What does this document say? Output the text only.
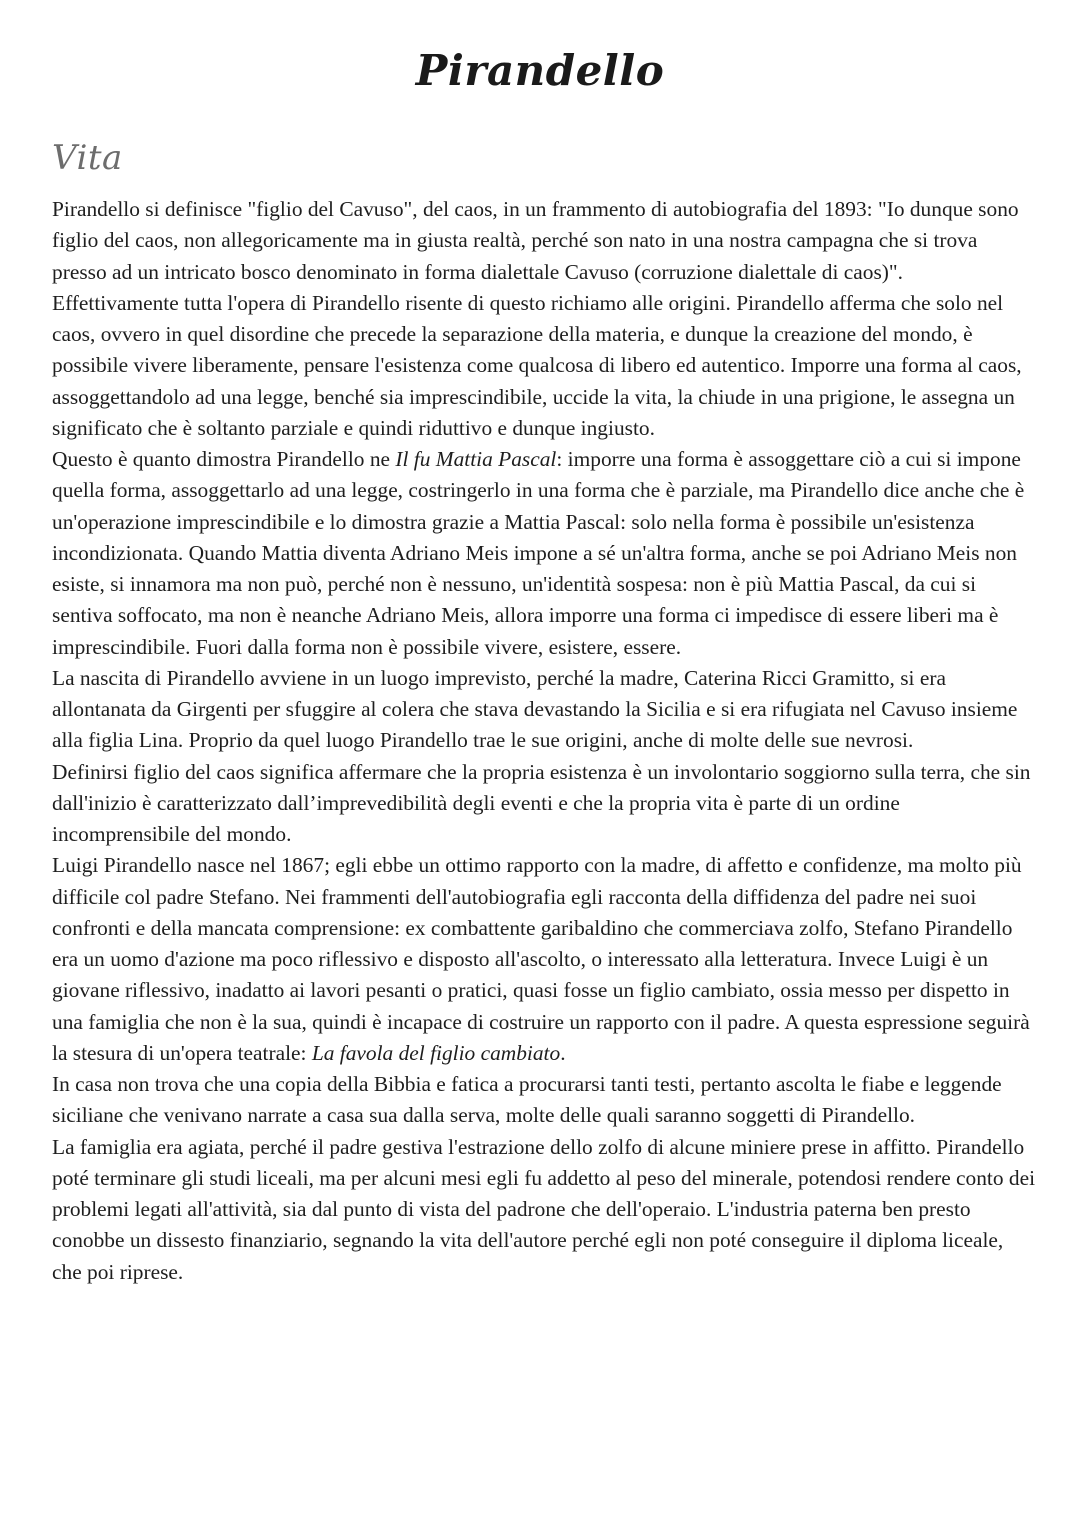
Pirandello
Vita

Pirandello si definisce "figlio del Cavuso", del caos, in un frammento di autobiografia del 1893: "Io dunque sono figlio del caos, non allegoricamente ma in giusta realtà, perché son nato in una nostra campagna che si trova presso ad un intricato bosco denominato in forma dialettale Cavuso (corruzione dialettale di caos)".

Effettivamente tutta l'opera di Pirandello risente di questo richiamo alle origini. Pirandello afferma che solo nel caos, ovvero in quel disordine che precede la separazione della materia, e dunque la creazione del mondo, è possibile vivere liberamente, pensare l'esistenza come qualcosa di libero ed autentico. Imporre una forma al caos, assoggettandolo ad una legge, benché sia imprescindibile, uccide la vita, la chiude in una prigione, le assegna un significato che è soltanto parziale e quindi riduttivo e dunque ingiusto.

Questo è quanto dimostra Pirandello ne Il fu Mattia Pascal: imporre una forma è assoggettare ciò a cui si impone quella forma, assoggettarlo ad una legge, costringerlo in una forma che è parziale, ma Pirandello dice anche che è un'operazione imprescindibile e lo dimostra grazie a Mattia Pascal: solo nella forma è possibile un'esistenza incondizionata. Quando Mattia diventa Adriano Meis impone a sé un'altra forma, anche se poi Adriano Meis non esiste, si innamora ma non può, perché non è nessuno, un'identità sospesa: non è più Mattia Pascal, da cui si sentiva soffocato, ma non è neanche Adriano Meis, allora imporre una forma ci impedisce di essere liberi ma è imprescindibile. Fuori dalla forma non è possibile vivere, esistere, essere.

La nascita di Pirandello avviene in un luogo imprevisto, perché la madre, Caterina Ricci Gramitto, si era allontanata da Girgenti per sfuggire al colera che stava devastando la Sicilia e si era rifugiata nel Cavuso insieme alla figlia Lina. Proprio da quel luogo Pirandello trae le sue origini, anche di molte delle sue nevrosi.

Definirsi figlio del caos significa affermare che la propria esistenza è un involontario soggiorno sulla terra, che sin dall'inizio è caratterizzato dall’imprevedibilità degli eventi e che la propria vita è parte di un ordine incomprensibile del mondo.

Luigi Pirandello nasce nel 1867; egli ebbe un ottimo rapporto con la madre, di affetto e confidenze, ma molto più difficile col padre Stefano. Nei frammenti dell'autobiografia egli racconta della diffidenza del padre nei suoi confronti e della mancata comprensione: ex combattente garibaldino che commerciava zolfo, Stefano Pirandello era un uomo d'azione ma poco riflessivo e disposto all'ascolto, o interessato alla letteratura. Invece Luigi è un giovane riflessivo, inadatto ai lavori pesanti o pratici, quasi fosse un figlio cambiato, ossia messo per dispetto in una famiglia che non è la sua, quindi è incapace di costruire un rapporto con il padre. A questa espressione seguirà la stesura di un'opera teatrale: La favola del figlio cambiato.

In casa non trova che una copia della Bibbia e fatica a procurarsi tanti testi, pertanto ascolta le fiabe e leggende siciliane che venivano narrate a casa sua dalla serva, molte delle quali saranno soggetti di Pirandello.

La famiglia era agiata, perché il padre gestiva l'estrazione dello zolfo di alcune miniere prese in affitto. Pirandello poté terminare gli studi liceali, ma per alcuni mesi egli fu addetto al peso del minerale, potendosi rendere conto dei problemi legati all'attività, sia dal punto di vista del padrone che dell'operaio. L'industria paterna ben presto conobbe un dissesto finanziario, segnando la vita dell'autore perché egli non poté conseguire il diploma liceale, che poi riprese.
